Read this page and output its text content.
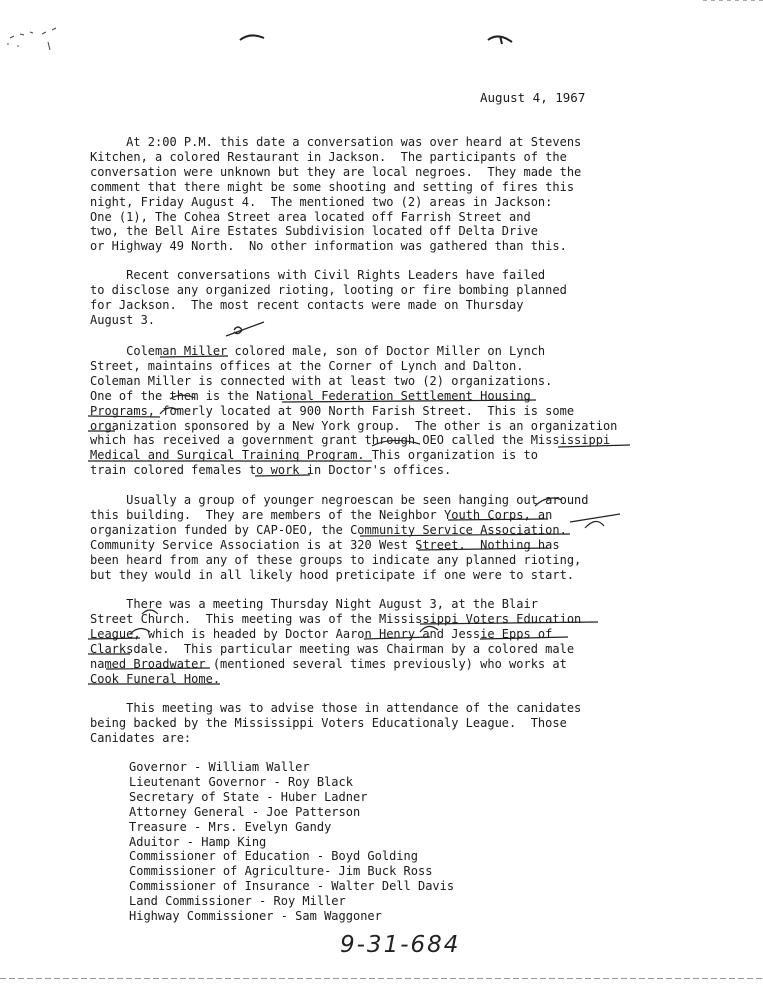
August 4, 1967
At 2:00 P.M. this date a conversation was over heard at Stevens
Kitchen, a colored Restaurant in Jackson.  The participants of the
conversation were unknown but they are local negroes.  They made the
comment that there might be some shooting and setting of fires this
night, Friday August 4.  The mentioned two (2) areas in Jackson:
One (1), The Cohea Street area located off Farrish Street and
two, the Bell Aire Estates Subdivision located off Delta Drive
or Highway 49 North.  No other information was gathered than this.
Recent conversations with Civil Rights Leaders have failed
to disclose any organized rioting, looting or fire bombing planned
for Jackson.  The most recent contacts were made on Thursday
August 3.
Coleman Miller colored male, son of Doctor Miller on Lynch
Street, maintains offices at the Corner of Lynch and Dalton.
Coleman Miller is connected with at least two (2) organizations.
One of the them is the National Federation Settlement Housing
Programs, fomerly located at 900 North Farish Street.  This is some
organization sponsored by a New York group.  The other is an organization
which has received a government grant through OEO called the Mississippi
Medical and Surgical Training Program. This organization is to
train colored females to work in Doctor's offices.
Usually a group of younger negroescan be seen hanging out around
this building.  They are members of the Neighbor Youth Corps, an
organization funded by CAP-OEO, the Community Service Association.
Community Service Association is at 320 West Street.  Nothing has
been heard from any of these groups to indicate any planned rioting,
but they would in all likely hood preticipate if one were to start.
There was a meeting Thursday Night August 3, at the Blair
Street Church.  This meeting was of the Mississippi Voters Education
League, which is headed by Doctor Aaron Henry and Jessie Epps of
Clarksdale.  This particular meeting was Chairman by a colored male
named Broadwater (mentioned several times previously) who works at
Cook Funeral Home.
This meeting was to advise those in attendance of the canidates
being backed by the Mississippi Voters Educationaly League.  Those
Canidates are:
Governor - William Waller
Lieutenant Governor - Roy Black
Secretary of State - Huber Ladner
Attorney General - Joe Patterson
Treasure - Mrs. Evelyn Gandy
Aduitor - Hamp King
Commissioner of Education - Boyd Golding
Commissioner of Agriculture- Jim Buck Ross
Commissioner of Insurance - Walter Dell Davis
Land Commissioner - Roy Miller
Highway Commissioner - Sam Waggoner
9-31-684
